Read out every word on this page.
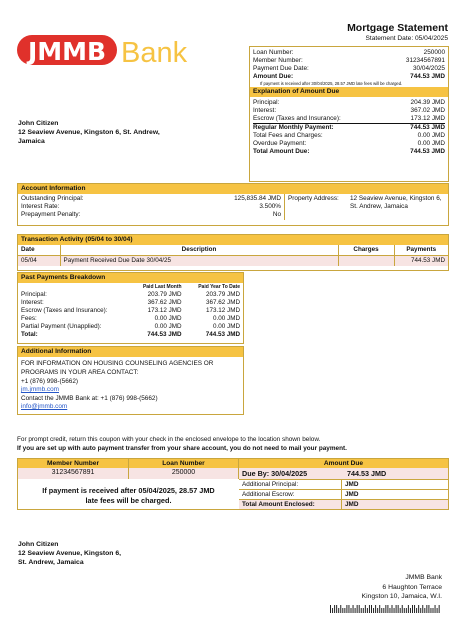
JMMB Bank
Mortgage Statement
Statement Date: 05/04/2025
Loan Number:	250000
Member Number:	31234567891
Payment Due Date:	30/04/2025
Amount Due:	744.53 JMD
If payment is received after 30/04/2025, 28.57 JMD late fees will be charged.
Explanation of Amount Due
Principal:	204.39 JMD
Interest:	367.02 JMD
Escrow (Taxes and Insurance):	173.12 JMD
Regular Monthly Payment:	744.53 JMD
Total Fees and Charges:	0.00 JMD
Overdue Payment:	0.00 JMD
Total Amount Due:	744.53 JMD
John Citizen
12 Seaview Avenue, Kingston 6, St. Andrew,
Jamaica
Account Information
Outstanding Principal:	125,835.84 JMD
Interest Rate:	3.500%
Prepayment Penalty:	No
Property Address:	12 Seaview Avenue, Kingston 6, St. Andrew, Jamaica
Transaction Activity (05/04 to 30/04)
Date	Description	Charges	Payments
05/04	Payment Received Due Date 30/04/25		744.53 JMD
Past Payments Breakdown
	Paid Last Month	Paid Year To Date
Principal:	203.79 JMD	203.79 JMD
Interest:	367.62 JMD	367.62 JMD
Escrow (Taxes and Insurance):	173.12 JMD	173.12 JMD
Fees:	0.00 JMD	0.00 JMD
Partial Payment (Unapplied):	0.00 JMD	0.00 JMD
Total:	744.53 JMD	744.53 JMD
Additional Information
FOR INFORMATION ON HOUSING COUNSELING AGENCIES OR PROGRAMS IN YOUR AREA CONTACT:
+1 (876) 998-(5662)
jm.jmmb.com
Contact the JMMB Bank at: +1 (876) 998-(5662)
info@jmmb.com
For prompt credit, return this coupon with your check in the enclosed envelope to the location shown below.
If you are set up with auto payment transfer from your share account, you do not need to mail your payment.
Member Number	Loan Number	Amount Due
31234567891	250000	Due By: 30/04/2025	744.53 JMD
If payment is received after 05/04/2025, 28.57 JMD late fees will be charged.
Additional Principal:	JMD
Additional Escrow:	JMD
Total Amount Enclosed:	JMD
John Citizen
12 Seaview Avenue, Kingston 6,
St. Andrew, Jamaica
JMMB Bank
6 Haughton Terrace
Kingston 10, Jamaica, W.I.
